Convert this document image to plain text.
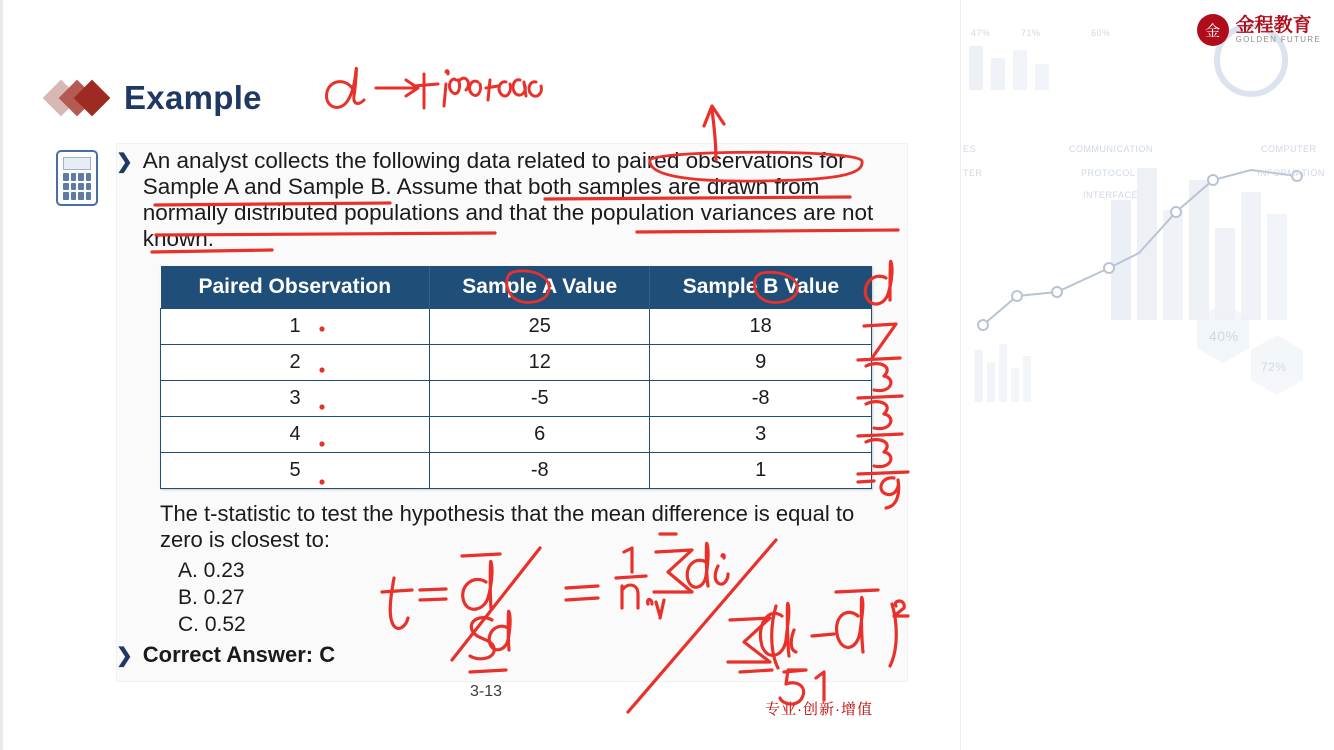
Example
❯ An analyst collects the following data related to paired observations for Sample A and Sample B. Assume that both samples are drawn from normally distributed populations and that the population variances are not known.
Paired Observation	Sample A Value	Sample B Value
1	25	18
2	12	9
3	-5	-8
4	6	3
5	-8	1
The t-statistic to test the hypothesis that the mean difference is equal to zero is closest to:
A. 0.23
B. 0.27
C. 0.52
❯ Correct Answer: C
3-13
专业·创新·增值
47%	71%	60%
COMMUNICATION
PROTOCOL
INTERFACE
COMPUTER
INFORMATION
ES
TER
40%
72%
金 金程教育
GOLDEN FUTURE
